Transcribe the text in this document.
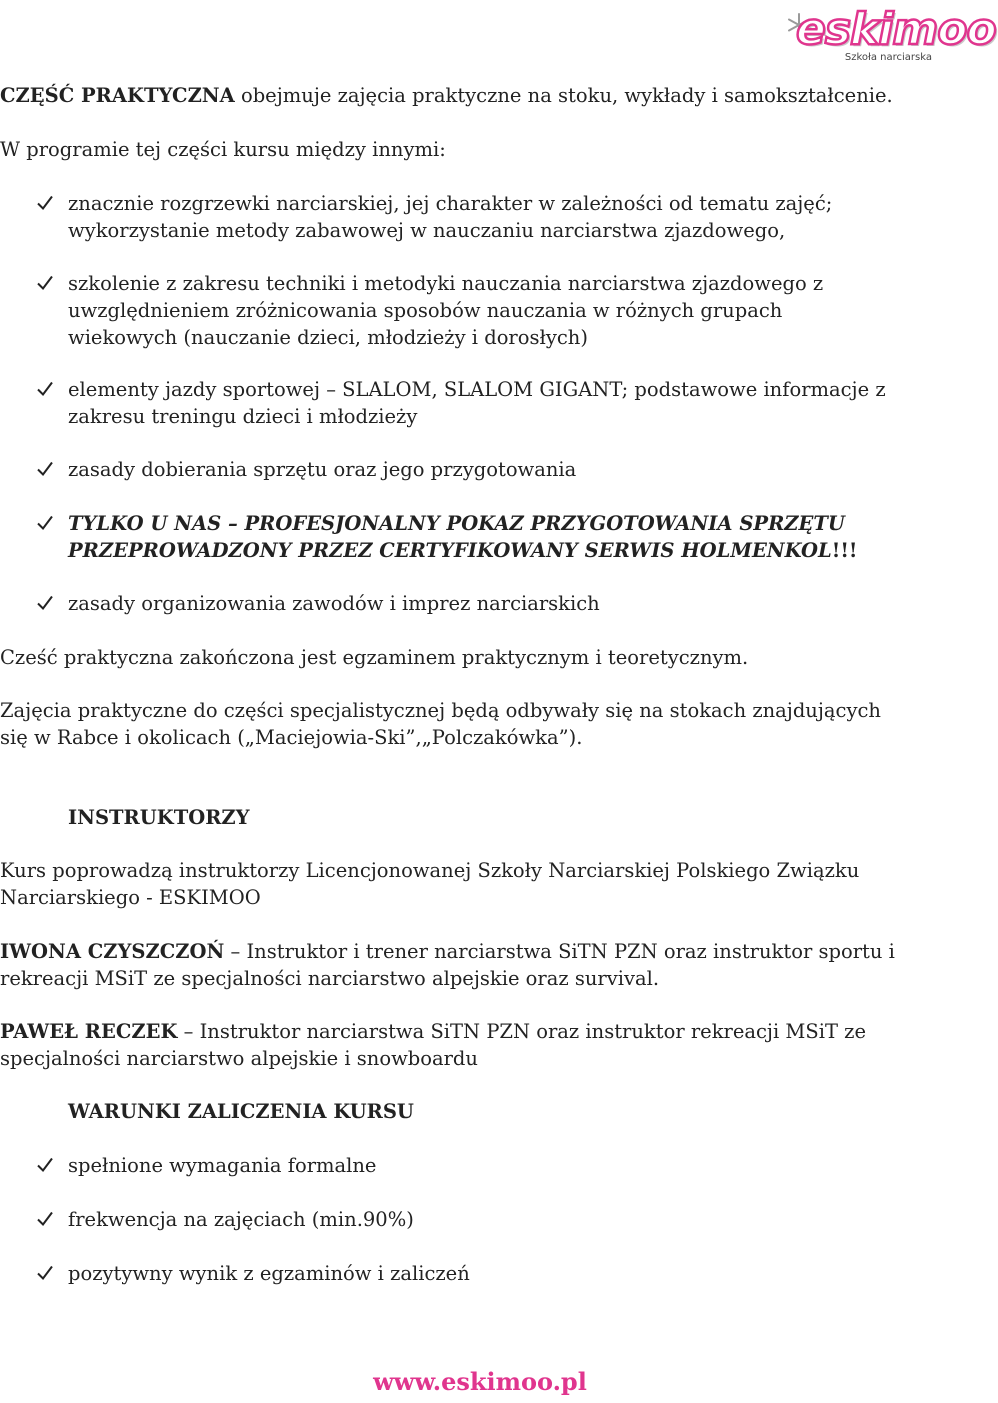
eskimoo
Szkoła narciarska

CZĘŚĆ PRAKTYCZNA obejmuje zajęcia praktyczne na stoku, wykłady i samokształcenie.

W programie tej części kursu między innymi:

znacznie rozgrzewki narciarskiej, jej charakter w zależności od tematu zajęć;
wykorzystanie metody zabawowej w nauczaniu narciarstwa zjazdowego,

szkolenie z zakresu techniki i metodyki nauczania narciarstwa zjazdowego z
uwzględnieniem zróżnicowania sposobów nauczania w różnych grupach
wiekowych (nauczanie dzieci, młodzieży i dorosłych)

elementy jazdy sportowej – SLALOM, SLALOM GIGANT; podstawowe informacje z
zakresu treningu dzieci i młodzieży

zasady dobierania sprzętu oraz jego przygotowania

TYLKO U NAS – PROFESJONALNY POKAZ PRZYGOTOWANIA SPRZĘTU
PRZEPROWADZONY PRZEZ CERTYFIKOWANY SERWIS HOLMENKOL!!!

zasady organizowania zawodów i imprez narciarskich

Cześć praktyczna zakończona jest egzaminem praktycznym i teoretycznym.

Zajęcia praktyczne do części specjalistycznej będą odbywały się na stokach znajdujących
się w Rabce i okolicach („Maciejowia-Ski”,„Polczakówka”).

INSTRUKTORZY

Kurs poprowadzą instruktorzy Licencjonowanej Szkoły Narciarskiej Polskiego Związku
Narciarskiego - ESKIMOO

IWONA CZYSZCZOŃ – Instruktor i trener narciarstwa SiTN PZN oraz instruktor sportu i
rekreacji MSiT ze specjalności narciarstwo alpejskie oraz survival.

PAWEŁ RECZEK – Instruktor narciarstwa SiTN PZN oraz instruktor rekreacji MSiT ze
specjalności narciarstwo alpejskie i snowboardu

WARUNKI ZALICZENIA KURSU

spełnione wymagania formalne

frekwencja na zajęciach (min.90%)

pozytywny wynik z egzaminów i zaliczeń

www.eskimoo.pl
